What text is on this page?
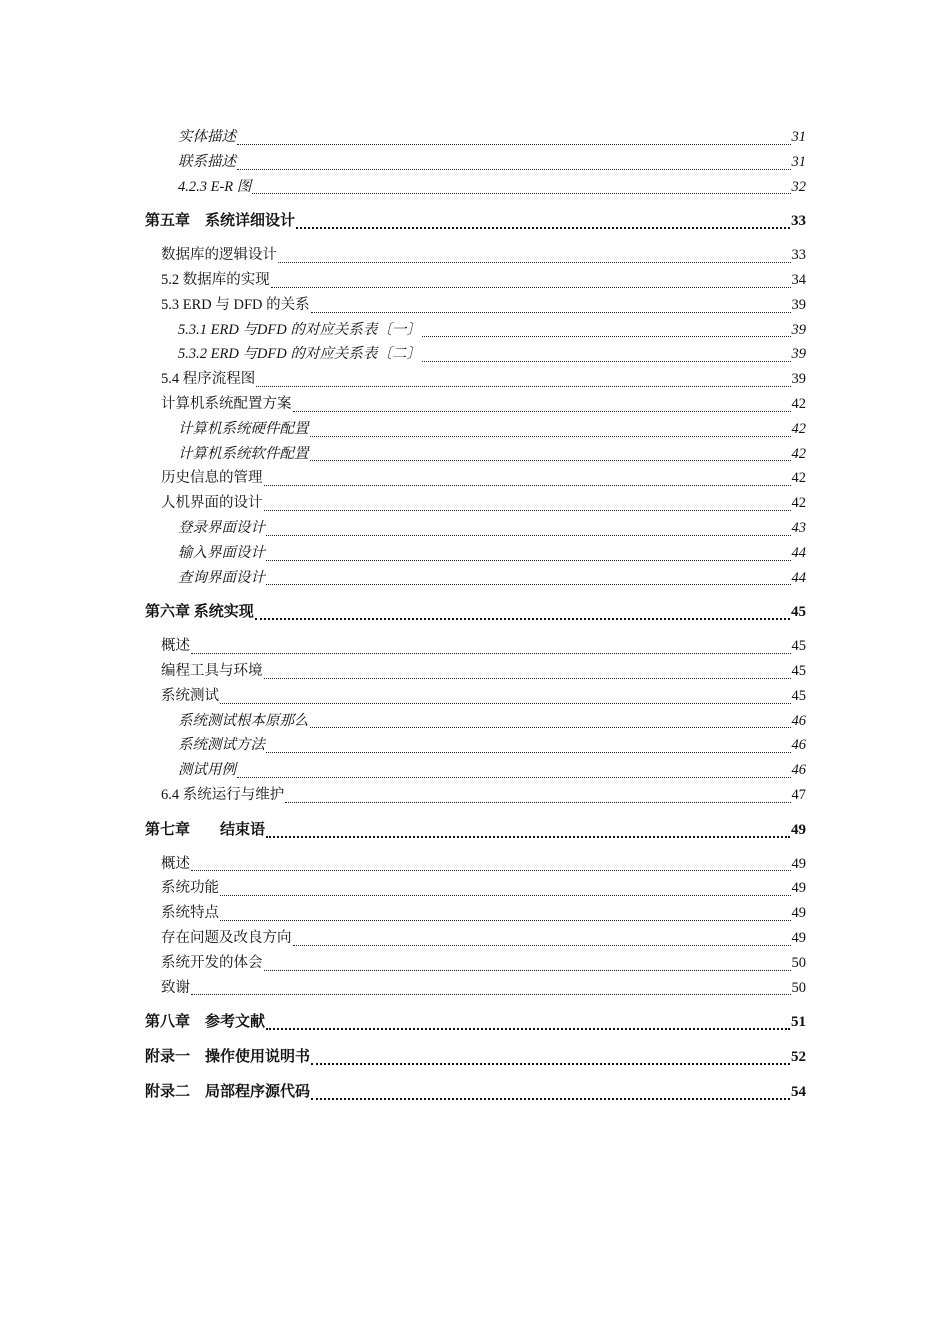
实体描述	31
联系描述	31
4.2.3 E-R 图	32
第五章　系统详细设计	33
数据库的逻辑设计	33
5.2 数据库的实现	34
5.3 ERD 与 DFD 的关系	39
5.3.1 ERD 与DFD 的对应关系表〔一〕	39
5.3.2 ERD 与DFD 的对应关系表〔二〕	39
5.4 程序流程图	39
计算机系统配置方案	42
计算机系统硬件配置	42
计算机系统软件配置	42
历史信息的管理	42
人机界面的设计	42
登录界面设计	43
输入界面设计	44
查询界面设计	44
第六章 系统实现	45
概述	45
编程工具与环境	45
系统测试	45
系统测试根本原那么	46
系统测试方法	46
测试用例	46
6.4 系统运行与维护	47
第七章　　结束语	49
概述	49
系统功能	49
系统特点	49
存在问题及改良方向	49
系统开发的体会	50
致谢	50
第八章　参考文献	51
附录一　操作使用说明书	52
附录二　局部程序源代码	54
